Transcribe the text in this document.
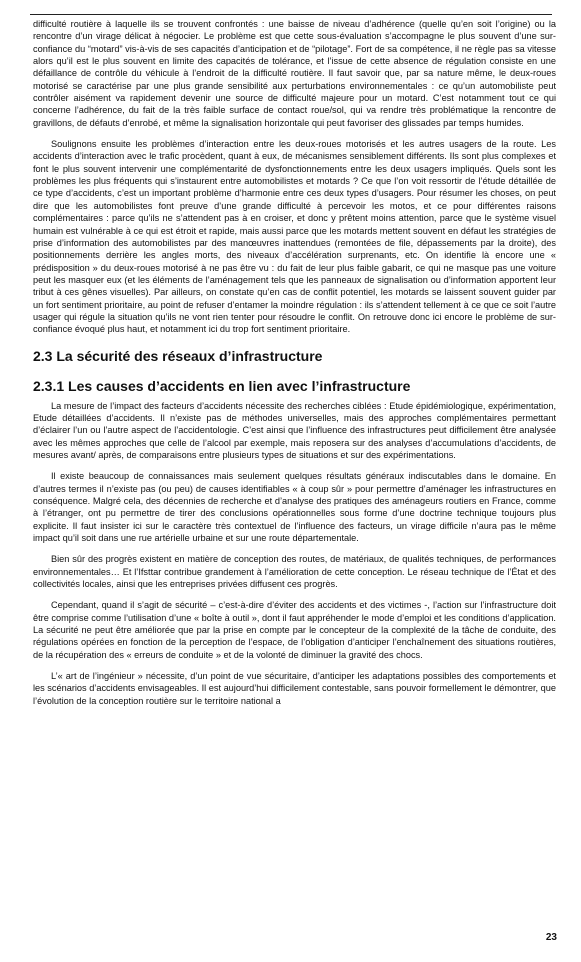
difficulté routière à laquelle ils se trouvent confrontés : une baisse de niveau d’adhérence (quelle qu’en soit l’origine) ou la rencontre d’un virage délicat à négocier. Le problème est que cette sous-évaluation s’accompagne le plus souvent d’une sur-confiance du “motard” vis-à-vis de ses capacités d’anticipation et de “pilotage”. Fort de sa compétence, il ne règle pas sa vitesse alors qu’il est le plus souvent en limite des capacités de tolérance, et l’issue de cette absence de régulation consiste en une défaillance de contrôle du véhicule à l’endroit de la difficulté routière. Il faut savoir que, par sa nature même, le deux-roues motorisé se caractérise par une plus grande sensibilité aux perturbations environnementales : ce qu’un automobiliste peut contrôler aisément va rapidement devenir une source de difficulté majeure pour un motard. C’est notamment tout ce qui concerne l’adhérence, du fait de la très faible surface de contact roue/sol, qui va rendre très problématique la rencontre de gravillons, de défauts d’enrobé, et même la signalisation horizontale qui peut favoriser des glissades par temps humides.

Soulignons ensuite les problèmes d’interaction entre les deux-roues motorisés et les autres usagers de la route. Les accidents d’interaction avec le trafic procèdent, quant à eux, de mécanismes sensiblement différents. Ils sont plus complexes et font le plus souvent intervenir une complémentarité de dysfonctionnements entre les deux usagers impliqués. Quels sont les problèmes les plus fréquents qui s’instaurent entre automobilistes et motards ? Ce que l’on voit ressortir de l’étude détaillée de ce type d’accidents, c’est un important problème d’harmonie entre ces deux types d’usagers. Pour résumer les choses, on peut dire que les automobilistes font preuve d’une grande difficulté à percevoir les motos, et ce pour différentes raisons complémentaires : parce qu’ils ne s’attendent pas à en croiser, et donc y prêtent moins attention, parce que le système visuel humain est vulnérable à ce qui est étroit et rapide, mais aussi parce que les motards mettent souvent en défaut les stratégies de prise d’information des automobilistes par des manœuvres inattendues (remontées de file, dépassements par la droite), des positionnements derrière les angles morts, des niveaux d’accélération surprenants, etc. On identifie là encore une « prédisposition » du deux-roues motorisé à ne pas être vu : du fait de leur plus faible gabarit, ce qui ne masque pas une voiture peut les masquer eux (et les éléments de l’aménagement tels que les panneaux de signalisation ou d’information apportent leur tribut à ces gênes visuelles). Par ailleurs, on constate qu’en cas de conflit potentiel, les motards se laissent souvent guider par un fort sentiment prioritaire, au point de refuser d’entamer la moindre régulation : ils s’attendent tellement à ce que ce soit l’autre usager qui régule la situation qu’ils ne vont rien tenter pour résoudre le conflit. On retrouve donc ici encore le problème de sur-confiance évoqué plus haut, et notamment ici du trop fort sentiment prioritaire.

2.3 La sécurité des réseaux d’infrastructure
2.3.1 Les causes d’accidents en lien avec l’infrastructure

La mesure de l’impact des facteurs d’accidents nécessite des recherches ciblées : Etude épidémiologique, expérimentation, Etude détaillées d’accidents. Il n’existe pas de méthodes universelles, mais des approches complémentaires permettant d’éclairer l’un ou l’autre aspect de l’accidentologie. C’est ainsi que l’influence des infrastructures peut difficilement être analysée avec les mêmes approches que celle de l’alcool par exemple, mais reposera sur des analyses d’accumulations d’accidents, de mesures avant/ après, de comparaisons entre plusieurs types de situations et sur des expérimentations.

Il existe beaucoup de connaissances mais seulement quelques résultats généraux indiscutables dans le domaine. En d’autres termes il n’existe pas (ou peu) de causes identifiables « à coup sûr » pour permettre d’aménager les infrastructures en conséquence. Malgré cela, des décennies de recherche et d’analyse des pratiques des aménageurs routiers en France, comme à l’étranger, ont pu permettre de tirer des conclusions opérationnelles sous forme d’une doctrine technique toujours plus explicite. Il faut insister ici sur le caractère très contextuel de l’influence des facteurs, un virage difficile n’aura pas le même impact qu’il soit dans une rue artérielle urbaine et sur une route départementale.

Bien sûr des progrès existent en matière de conception des routes, de matériaux, de qualités techniques, de performances environnementales… Et l’Ifsttar contribue grandement à l’amélioration de cette conception. Le réseau technique de l’État et des collectivités locales, ainsi que les entreprises privées diffusent ces progrès.

Cependant, quand il s’agit de sécurité – c’est-à-dire d’éviter des accidents et des victimes -, l’action sur l’infrastructure doit être comprise comme l’utilisation d’une « boîte à outil », dont il faut appréhender le mode d’emploi et les conditions d’application. La sécurité ne peut être améliorée que par la prise en compte par le concepteur de la complexité de la tâche de conduite, des régulations opérées en fonction de la perception de l’espace, de l’obligation d’anticiper l’enchaînement des situations routières, de la récupération des « erreurs de conduite » et de la volonté de diminuer la gravité des chocs.

L’« art de l’ingénieur » nécessite, d’un point de vue sécuritaire, d’anticiper les adaptations possibles des comportements et les scénarios d’accidents envisageables. Il est aujourd’hui difficilement contestable, sans pouvoir formellement le démontrer, que l’évolution de la conception routière sur le territoire national a

23
